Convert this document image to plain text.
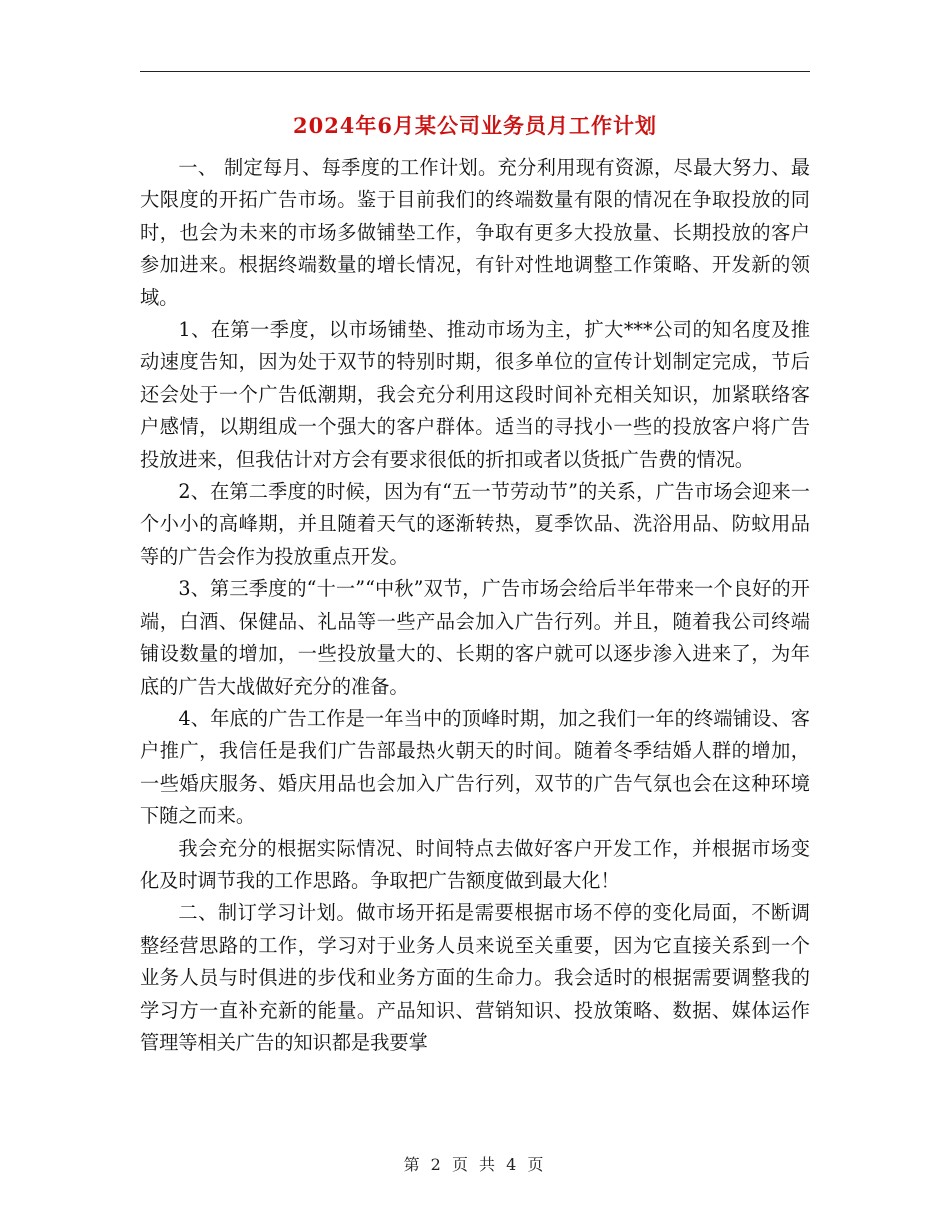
2024年6月某公司业务员月工作计划

一、 制定每月、每季度的工作计划。充分利用现有资源，尽最大努力、最大限度的开拓广告市场。鉴于目前我们的终端数量有限的情况在争取投放的同时，也会为未来的市场多做铺垫工作，争取有更多大投放量、长期投放的客户参加进来。根据终端数量的增长情况，有针对性地调整工作策略、开发新的领域。

1、在第一季度，以市场铺垫、推动市场为主，扩大***公司的知名度及推动速度告知，因为处于双节的特别时期，很多单位的宣传计划制定完成，节后还会处于一个广告低潮期，我会充分利用这段时间补充相关知识，加紧联络客户感情，以期组成一个强大的客户群体。适当的寻找小一些的投放客户将广告投放进来，但我估计对方会有要求很低的折扣或者以货抵广告费的情况。

2、在第二季度的时候，因为有“五一节劳动节”的关系，广告市场会迎来一个小小的高峰期，并且随着天气的逐渐转热，夏季饮品、洗浴用品、防蚊用品等的广告会作为投放重点开发。

3、第三季度的“十一”“中秋”双节，广告市场会给后半年带来一个良好的开端，白酒、保健品、礼品等一些产品会加入广告行列。并且，随着我公司终端铺设数量的增加，一些投放量大的、长期的客户就可以逐步渗入进来了，为年底的广告大战做好充分的准备。

4、年底的广告工作是一年当中的顶峰时期，加之我们一年的终端铺设、客户推广，我信任是我们广告部最热火朝天的时间。随着冬季结婚人群的增加，一些婚庆服务、婚庆用品也会加入广告行列，双节的广告气氛也会在这种环境下随之而来。

我会充分的根据实际情况、时间特点去做好客户开发工作，并根据市场变化及时调节我的工作思路。争取把广告额度做到最大化！

二、制订学习计划。做市场开拓是需要根据市场不停的变化局面，不断调整经营思路的工作，学习对于业务人员来说至关重要，因为它直接关系到一个业务人员与时俱进的步伐和业务方面的生命力。我会适时的根据需要调整我的学习方一直补充新的能量。产品知识、营销知识、投放策略、数据、媒体运作管理等相关广告的知识都是我要掌

第 2 页 共 4 页
